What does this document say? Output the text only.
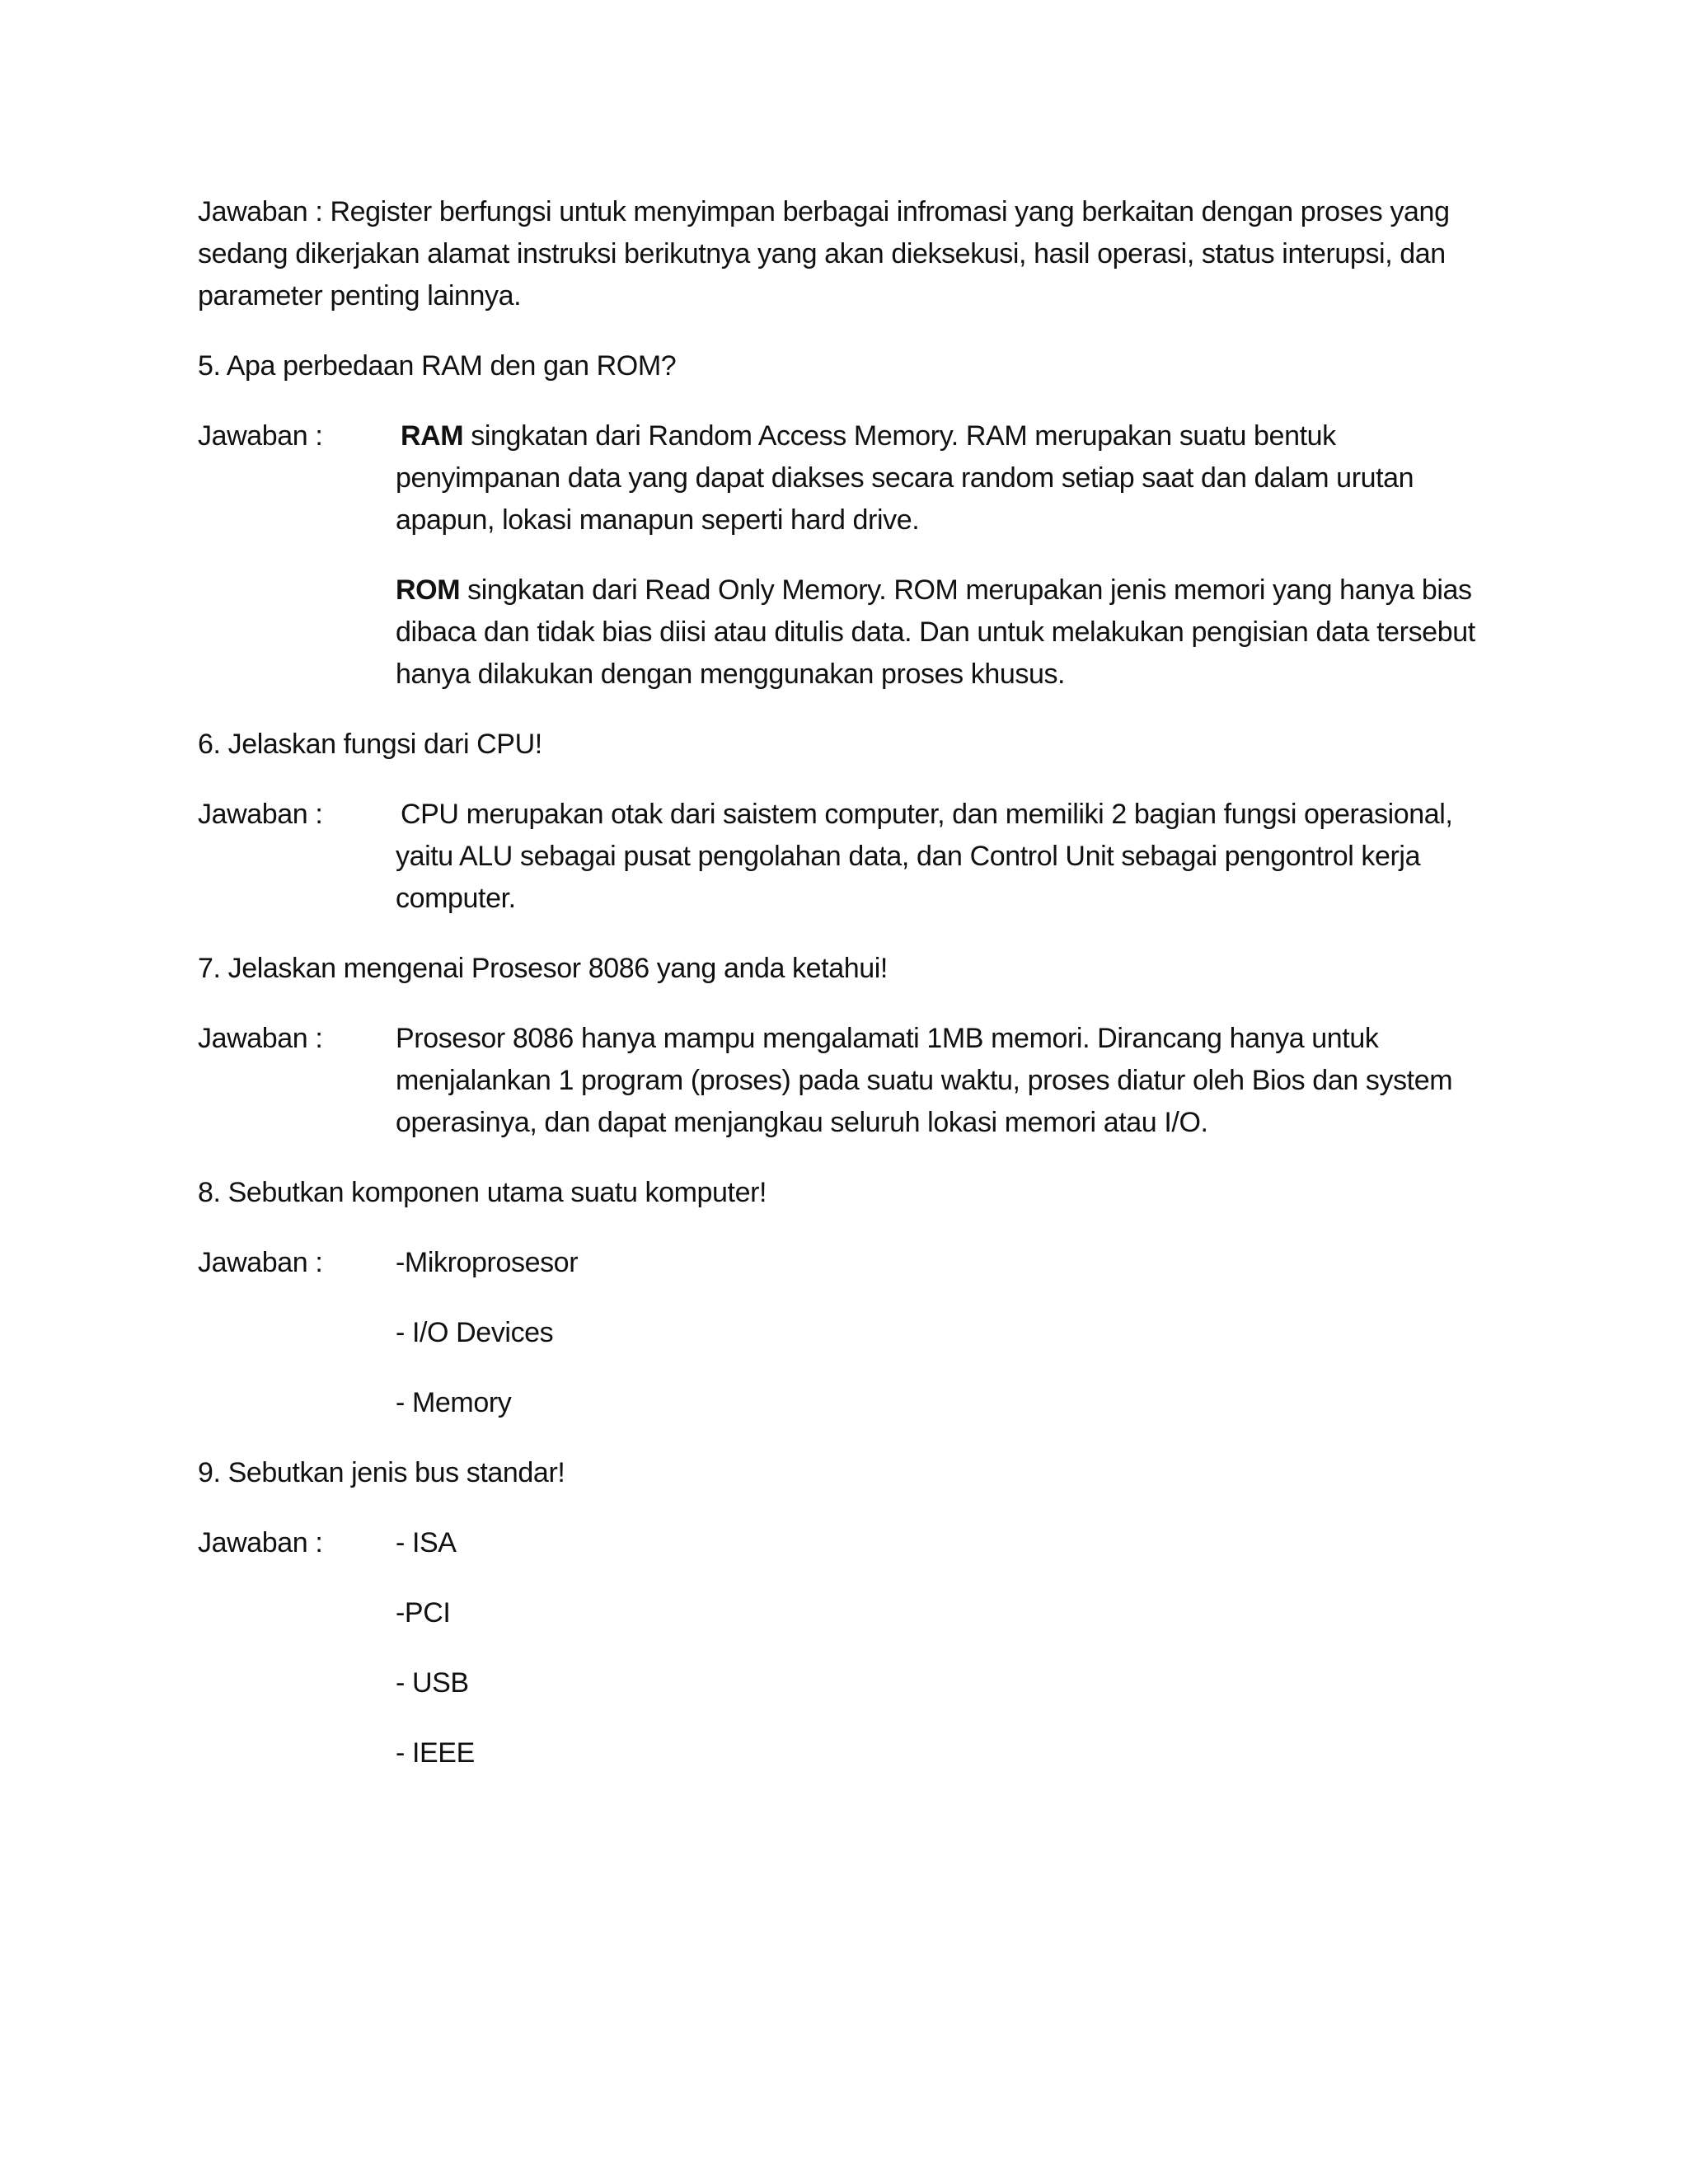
Jawaban : Register berfungsi untuk menyimpan berbagai infromasi yang berkaitan dengan proses yang sedang dikerjakan alamat instruksi berikutnya yang akan dieksekusi, hasil operasi, status interupsi, dan parameter penting lainnya.

5. Apa perbedaan RAM den gan ROM?

Jawaban :	RAM singkatan dari Random Access Memory. RAM merupakan suatu bentuk penyimpanan data yang dapat diakses secara random setiap saat dan dalam urutan apapun, lokasi manapun seperti hard drive.

ROM singkatan dari Read Only Memory. ROM merupakan jenis memori yang hanya bias dibaca dan tidak bias diisi atau ditulis data. Dan untuk melakukan pengisian data tersebut hanya dilakukan dengan menggunakan proses khusus.

6. Jelaskan fungsi dari CPU!

Jawaban :	CPU merupakan otak dari saistem computer, dan memiliki 2 bagian fungsi operasional, yaitu ALU sebagai pusat pengolahan data, dan Control Unit sebagai pengontrol kerja computer.

7. Jelaskan mengenai Prosesor 8086 yang anda ketahui!

Jawaban :	Prosesor 8086 hanya mampu mengalamati 1MB memori. Dirancang hanya untuk menjalankan 1 program (proses) pada suatu waktu, proses diatur oleh Bios dan system operasinya, dan dapat menjangkau seluruh lokasi memori atau I/O.

8. Sebutkan komponen utama suatu komputer!

Jawaban :	-Mikroprosesor
- I/O Devices
- Memory

9. Sebutkan jenis bus standar!

Jawaban :	- ISA
-PCI
- USB
- IEEE
